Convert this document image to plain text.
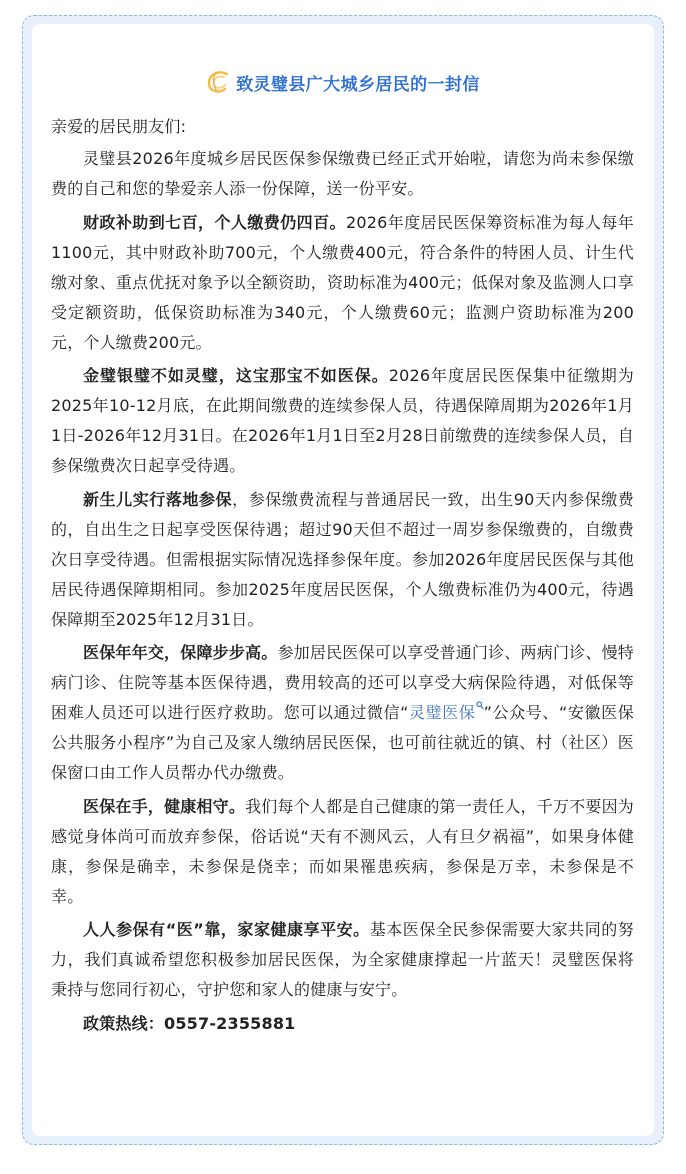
致灵璧县广大城乡居民的一封信

亲爱的居民朋友们:

灵璧县2026年度城乡居民医保参保缴费已经正式开始啦，请您为尚未参保缴费的自己和您的挚爱亲人添一份保障，送一份平安。

财政补助到七百，个人缴费仍四百。2026年度居民医保筹资标准为每人每年1100元，其中财政补助700元，个人缴费400元，符合条件的特困人员、计生代缴对象、重点优抚对象予以全额资助，资助标准为400元；低保对象及监测人口享受定额资助，低保资助标准为340元，个人缴费60元；监测户资助标准为200元，个人缴费200元。

金璧银璧不如灵璧，这宝那宝不如医保。2026年度居民医保集中征缴期为2025年10-12月底，在此期间缴费的连续参保人员，待遇保障周期为2026年1月1日-2026年12月31日。在2026年1月1日至2月28日前缴费的连续参保人员，自参保缴费次日起享受待遇。

新生儿实行落地参保，参保缴费流程与普通居民一致，出生90天内参保缴费的，自出生之日起享受医保待遇；超过90天但不超过一周岁参保缴费的，自缴费次日享受待遇。但需根据实际情况选择参保年度。参加2026年度居民医保与其他居民待遇保障期相同。参加2025年度居民医保，个人缴费标准仍为400元，待遇保障期至2025年12月31日。

医保年年交，保障步步高。参加居民医保可以享受普通门诊、两病门诊、慢特病门诊、住院等基本医保待遇，费用较高的还可以享受大病保险待遇，对低保等困难人员还可以进行医疗救助。您可以通过微信“灵璧医保 ”公众号、“安徽医保公共服务小程序”为自己及家人缴纳居民医保，也可前往就近的镇、村（社区）医保窗口由工作人员帮办代办缴费。

医保在手，健康相守。我们每个人都是自己健康的第一责任人，千万不要因为感觉身体尚可而放弃参保，俗话说“天有不测风云，人有旦夕祸福”，如果身体健康，参保是确幸，未参保是侥幸；而如果罹患疾病，参保是万幸，未参保是不幸。

人人参保有“医”靠，家家健康享平安。基本医保全民参保需要大家共同的努力，我们真诚希望您积极参加居民医保，为全家健康撑起一片蓝天！灵璧医保将秉持与您同行初心，守护您和家人的健康与安宁。

政策热线：0557-2355881
